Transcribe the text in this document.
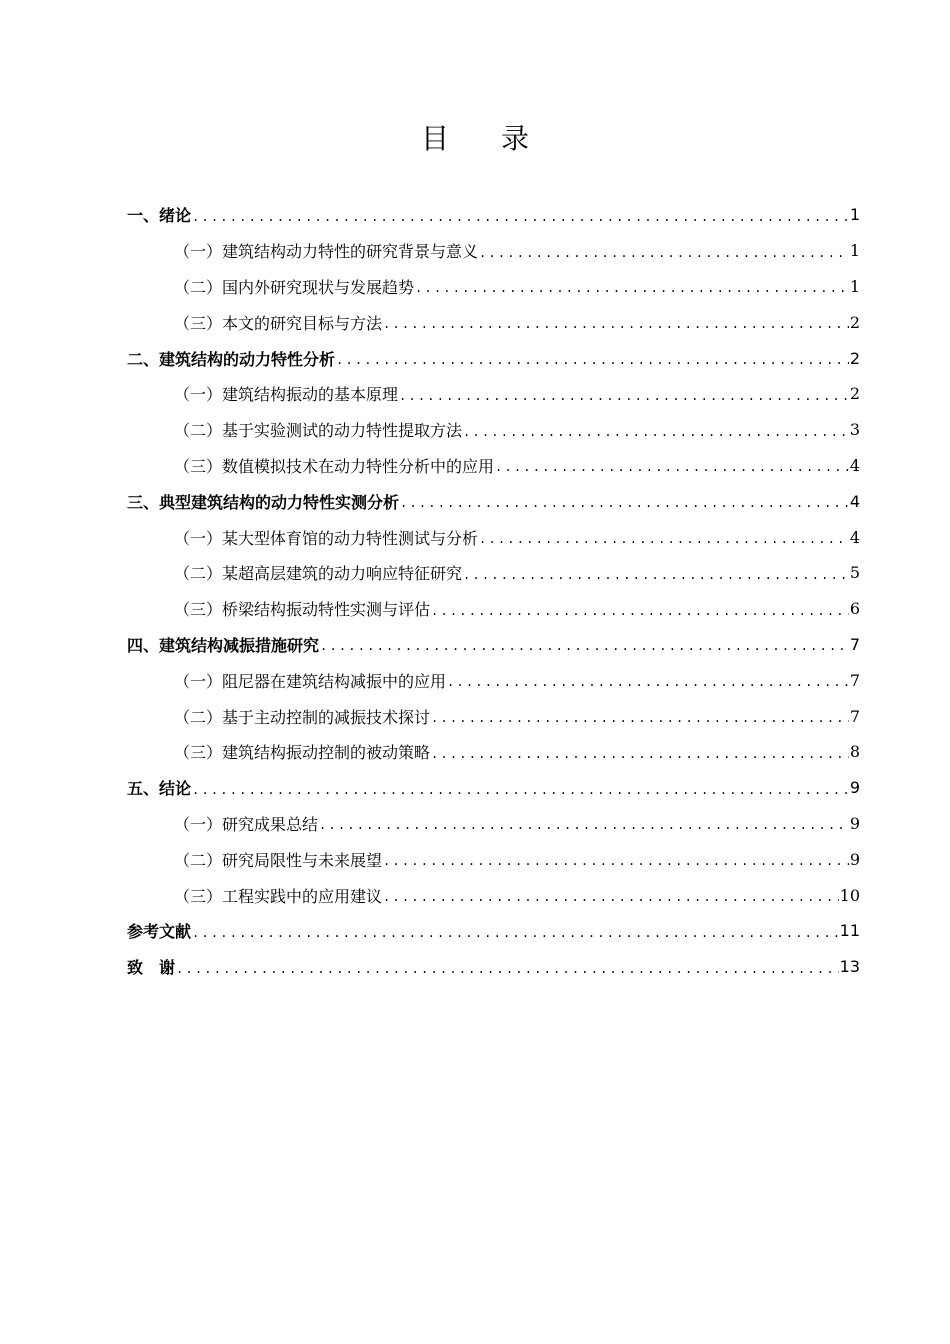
目 录
一、绪论 .....	1
（一）建筑结构动力特性的研究背景与意义 .....	1
（二）国内外研究现状与发展趋势 .....	1
（三）本文的研究目标与方法 .....	2
二、建筑结构的动力特性分析 .....	2
（一）建筑结构振动的基本原理 .....	2
（二）基于实验测试的动力特性提取方法 .....	3
（三）数值模拟技术在动力特性分析中的应用 .....	4
三、典型建筑结构的动力特性实测分析 .....	4
（一）某大型体育馆的动力特性测试与分析 .....	4
（二）某超高层建筑的动力响应特征研究 .....	5
（三）桥梁结构振动特性实测与评估 .....	6
四、建筑结构减振措施研究 .....	7
（一）阻尼器在建筑结构减振中的应用 .....	7
（二）基于主动控制的减振技术探讨 .....	7
（三）建筑结构振动控制的被动策略 .....	8
五、结论 .....	9
（一）研究成果总结 .....	9
（二）研究局限性与未来展望 .....	9
（三）工程实践中的应用建议 .....	10
参考文献 .....	11
致　谢 .....	13
